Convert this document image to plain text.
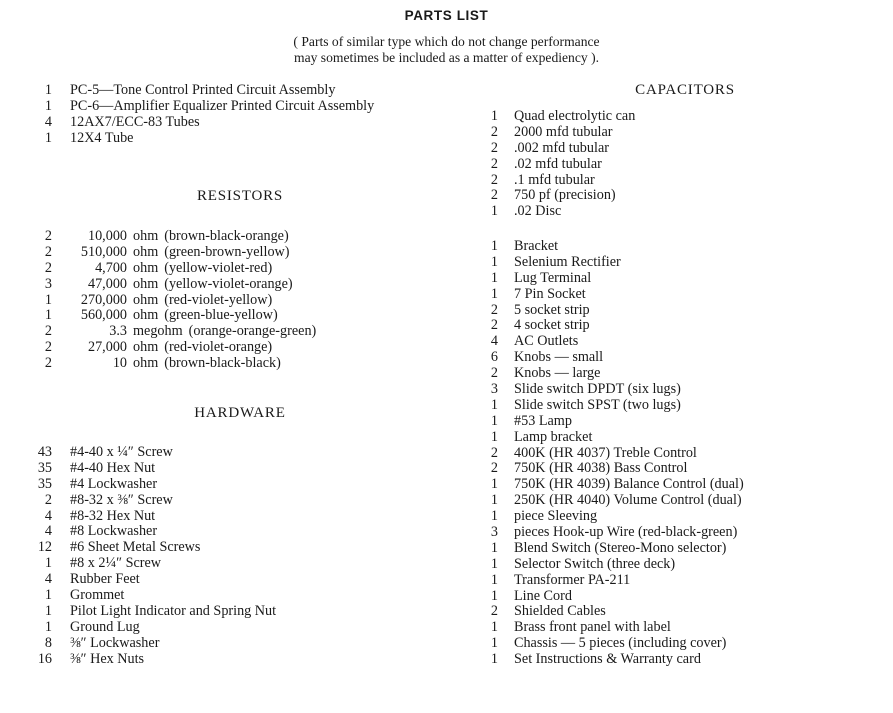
PARTS LIST
( Parts of similar type which do not change performance
may sometimes be included as a matter of expediency ).
1 PC-5—Tone Control Printed Circuit Assembly
1 PC-6—Amplifier Equalizer Printed Circuit Assembly
4 12AX7/ECC-83 Tubes
1 12X4 Tube
RESISTORS
2	10,000 ohm (brown-black-orange)
2	510,000 ohm (green-brown-yellow)
2	4,700 ohm (yellow-violet-red)
3	47,000 ohm (yellow-violet-orange)
1	270,000 ohm (red-violet-yellow)
1	560,000 ohm (green-blue-yellow)
2	3.3 megohm (orange-orange-green)
2	27,000 ohm (red-violet-orange)
2	10 ohm (brown-black-black)
HARDWARE
43 #4-40 x ¼″ Screw
35 #4-40 Hex Nut
35 #4 Lockwasher
2 #8-32 x ⅜″ Screw
4 #8-32 Hex Nut
4 #8 Lockwasher
12 #6 Sheet Metal Screws
1 #8 x 2¼″ Screw
4 Rubber Feet
1 Grommet
1 Pilot Light Indicator and Spring Nut
1 Ground Lug
8 ⅜″ Lockwasher
16 ⅜″ Hex Nuts
CAPACITORS
1 Quad electrolytic can
2 2000 mfd tubular
2 .002 mfd tubular
2 .02 mfd tubular
2 .1 mfd tubular
2 750 pf (precision)
1 .02 Disc
1 Bracket
1 Selenium Rectifier
1 Lug Terminal
1 7 Pin Socket
2 5 socket strip
2 4 socket strip
4 AC Outlets
6 Knobs — small
2 Knobs — large
3 Slide switch DPDT (six lugs)
1 Slide switch SPST (two lugs)
1 #53 Lamp
1 Lamp bracket
2 400K (HR 4037) Treble Control
2 750K (HR 4038) Bass Control
1 750K (HR 4039) Balance Control (dual)
1 250K (HR 4040) Volume Control (dual)
1 piece Sleeving
3 pieces Hook-up Wire (red-black-green)
1 Blend Switch (Stereo-Mono selector)
1 Selector Switch (three deck)
1 Transformer PA-211
1 Line Cord
2 Shielded Cables
1 Brass front panel with label
1 Chassis — 5 pieces (including cover)
1 Set Instructions & Warranty card
